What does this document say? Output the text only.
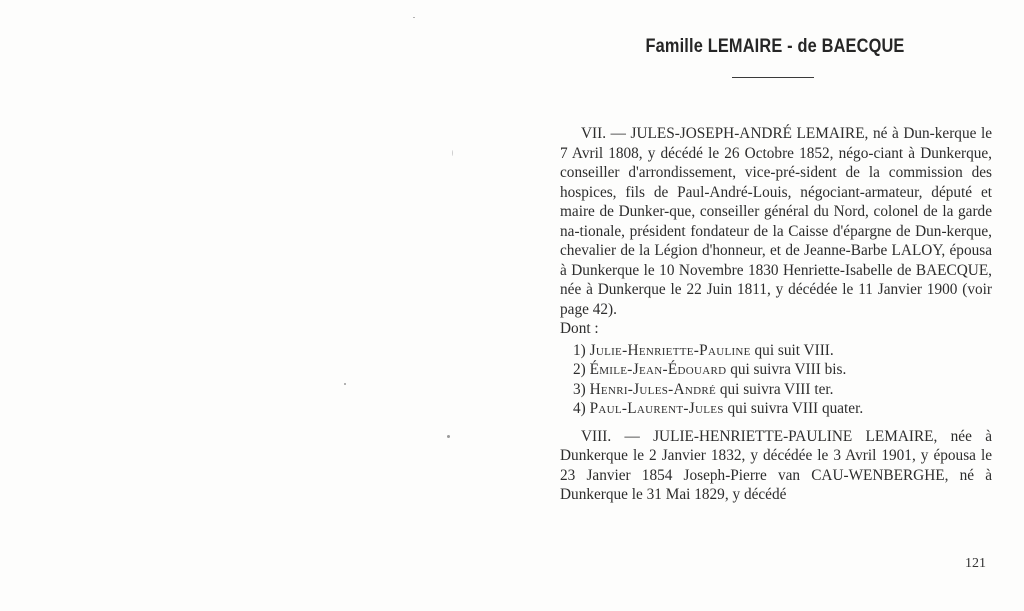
Famille LEMAIRE - de BAECQUE

VII. — JULES-JOSEPH-ANDRÉ LEMAIRE, né à Dun-kerque le 7 Avril 1808, y décédé le 26 Octobre 1852, négo-ciant à Dunkerque, conseiller d'arrondissement, vice-pré-sident de la commission des hospices, fils de Paul-André-Louis, négociant-armateur, député et maire de Dunker-que, conseiller général du Nord, colonel de la garde na-tionale, président fondateur de la Caisse d'épargne de Dun-kerque, chevalier de la Légion d'honneur, et de Jeanne-Barbe LALOY, épousa à Dunkerque le 10 Novembre 1830 Henriette-Isabelle de BAECQUE, née à Dunkerque le 22 Juin 1811, y décédée le 11 Janvier 1900 (voir page 42).

Dont :

1) Julie-Henriette-Pauline qui suit VIII.
2) Émile-Jean-Édouard qui suivra VIII bis.
3) Henri-Jules-André qui suivra VIII ter.
4) Paul-Laurent-Jules qui suivra VIII quater.

VIII. — JULIE-HENRIETTE-PAULINE LEMAIRE, née à Dunkerque le 2 Janvier 1832, y décédée le 3 Avril 1901, y épousa le 23 Janvier 1854 Joseph-Pierre van CAU-WENBERGHE, né à Dunkerque le 31 Mai 1829, y décédé

121
